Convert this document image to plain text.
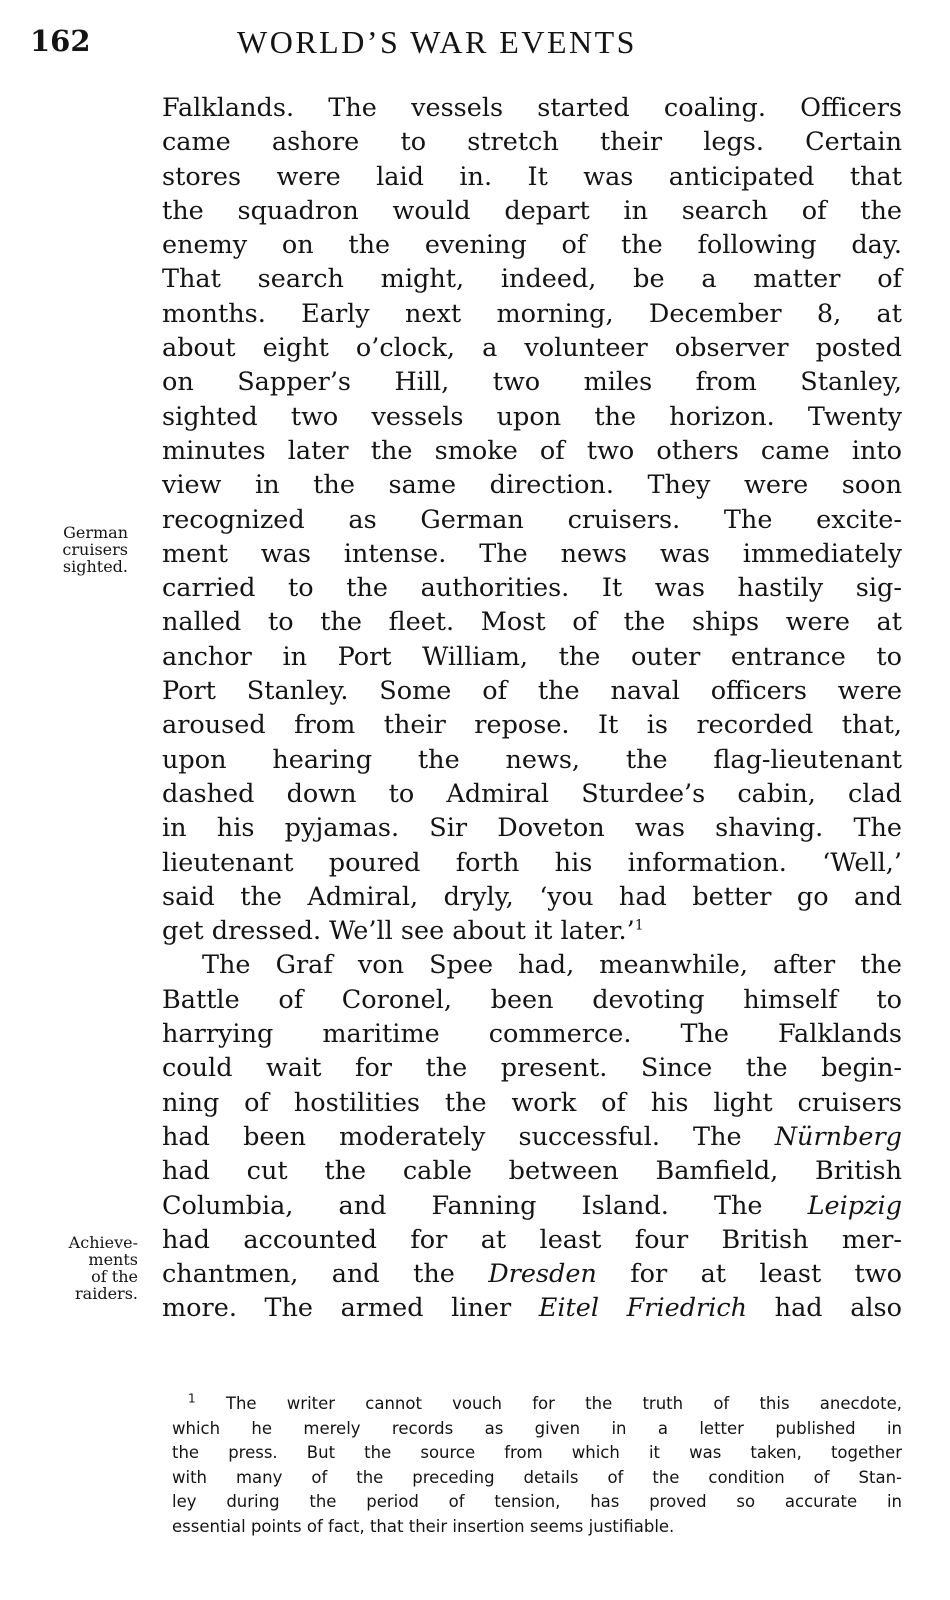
162	WORLD’S WAR EVENTS
German
cruisers
sighted.
Achieve-
ments
of the
raiders.
Falklands. The vessels started coaling. Officers
came ashore to stretch their legs. Certain
stores were laid in. It was anticipated that
the squadron would depart in search of the
enemy on the evening of the following day.
That search might, indeed, be a matter of
months. Early next morning, December 8, at
about eight o’clock, a volunteer observer posted
on Sapper’s Hill, two miles from Stanley,
sighted two vessels upon the horizon. Twenty
minutes later the smoke of two others came into
view in the same direction. They were soon
recognized as German cruisers. The excite-
ment was intense. The news was immediately
carried to the authorities. It was hastily sig-
nalled to the fleet. Most of the ships were at
anchor in Port William, the outer entrance to
Port Stanley. Some of the naval officers were
aroused from their repose. It is recorded that,
upon hearing the news, the flag-lieutenant
dashed down to Admiral Sturdee’s cabin, clad
in his pyjamas. Sir Doveton was shaving. The
lieutenant poured forth his information. ‘Well,’
said the Admiral, dryly, ‘you had better go and
get dressed. We’ll see about it later.’$^1$
The Graf von Spee had, meanwhile, after the
Battle of Coronel, been devoting himself to
harrying maritime commerce. The Falklands
could wait for the present. Since the begin-
ning of hostilities the work of his light cruisers
had been moderately successful. The Nürnberg
had cut the cable between Bamfield, British
Columbia, and Fanning Island. The Leipzig
had accounted for at least four British mer-
chantmen, and the Dresden for at least two
more. The armed liner Eitel Friedrich had also
$^1$ The writer cannot vouch for the truth of this anecdote,
which he merely records as given in a letter published in
the press. But the source from which it was taken, together
with many of the preceding details of the condition of Stan-
ley during the period of tension, has proved so accurate in
essential points of fact, that their insertion seems justifiable.
